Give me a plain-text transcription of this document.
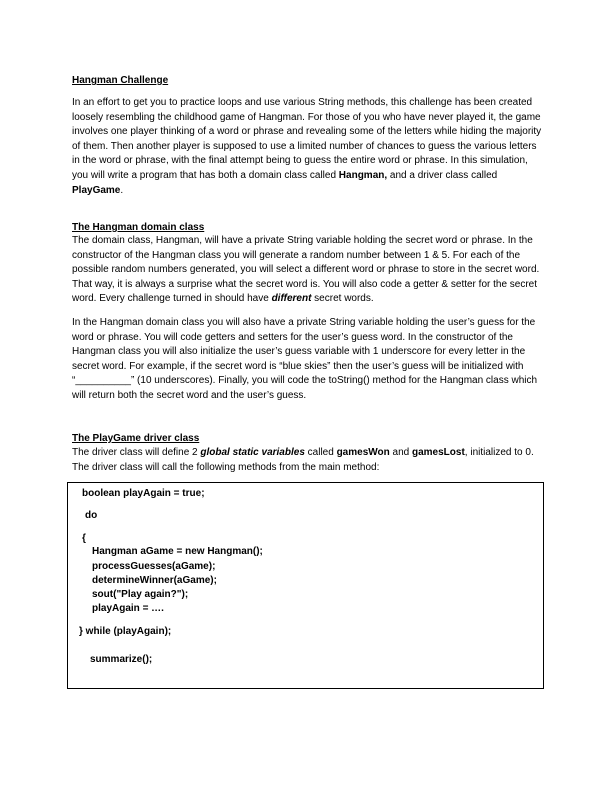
Hangman Challenge

In an effort to get you to practice loops and use various String methods, this challenge has been created loosely resembling the childhood game of Hangman. For those of you who have never played it, the game involves one player thinking of a word or phrase and revealing some of the letters while hiding the majority of them. Then another player is supposed to use a limited number of chances to guess the various letters in the word or phrase, with the final attempt being to guess the entire word or phrase. In this simulation, you will write a program that has both a domain class called Hangman, and a driver class called PlayGame.

The Hangman domain class

The domain class, Hangman, will have a private String variable holding the secret word or phrase. In the constructor of the Hangman class you will generate a random number between 1 & 5. For each of the possible random numbers generated, you will select a different word or phrase to store in the secret word. That way, it is always a surprise what the secret word is. You will also code a getter & setter for the secret word. Every challenge turned in should have different secret words.

In the Hangman domain class you will also have a private String variable holding the user’s guess for the word or phrase. You will code getters and setters for the user’s guess word. In the constructor of the Hangman class you will also initialize the user’s guess variable with 1 underscore for every letter in the secret word. For example, if the secret word is “blue skies” then the user’s guess will be initialized with “__________” (10 underscores). Finally, you will code the toString() method for the Hangman class which will return both the secret word and the user’s guess.

The PlayGame driver class

The driver class will define 2 global static variables called gamesWon and gamesLost, initialized to 0. The driver class will call the following methods from the main method:

boolean playAgain = true;

do

{

Hangman aGame = new Hangman();

processGuesses(aGame);

determineWinner(aGame);

sout("Play again?");

playAgain = ….

} while (playAgain);

summarize();
